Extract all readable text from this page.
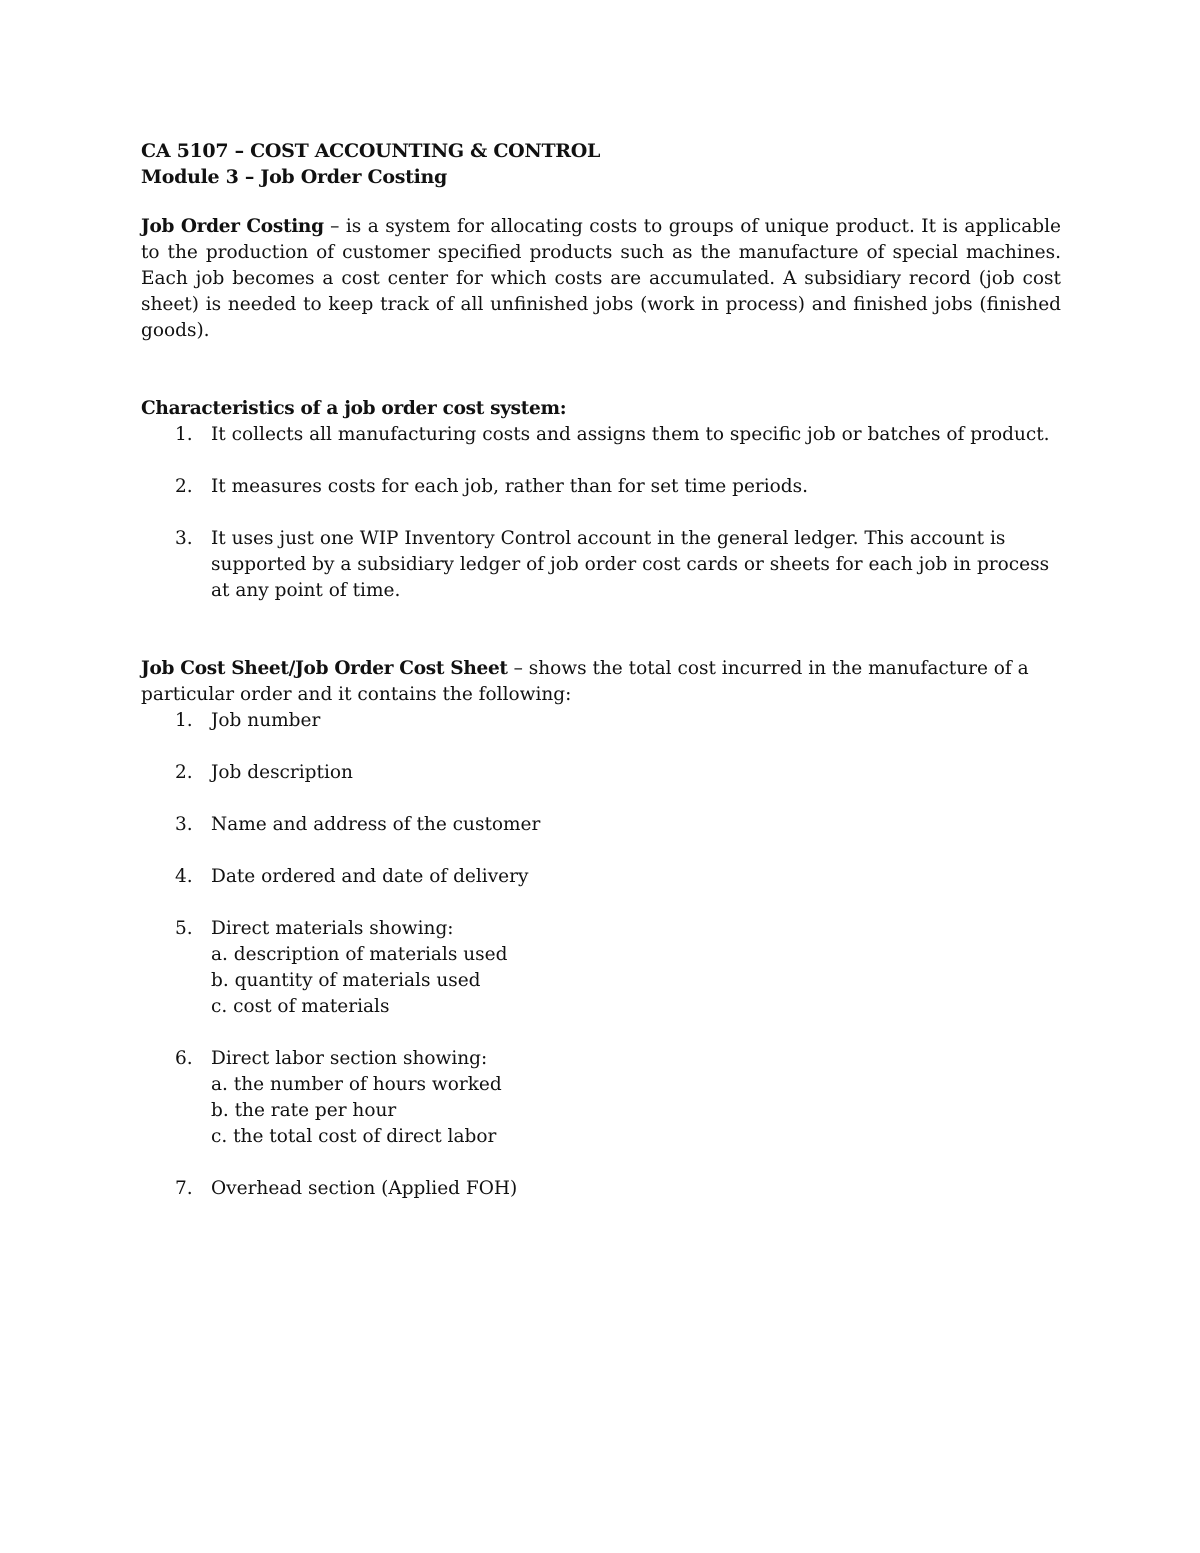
CA 5107 – COST ACCOUNTING & CONTROL
Module 3 – Job Order Costing

Job Order Costing – is a system for allocating costs to groups of unique product. It is applicable to the production of customer specified products such as the manufacture of special machines. Each job becomes a cost center for which costs are accumulated. A subsidiary record (job cost sheet) is needed to keep track of all unfinished jobs (work in process) and finished jobs (finished goods).

Characteristics of a job order cost system:
1. It collects all manufacturing costs and assigns them to specific job or batches of product.
2. It measures costs for each job, rather than for set time periods.
3. It uses just one WIP Inventory Control account in the general ledger. This account is supported by a subsidiary ledger of job order cost cards or sheets for each job in process at any point of time.

Job Cost Sheet/Job Order Cost Sheet – shows the total cost incurred in the manufacture of a particular order and it contains the following:

1. Job number
2. Job description
3. Name and address of the customer
4. Date ordered and date of delivery
5. Direct materials showing:
a. description of materials used
b. quantity of materials used
c. cost of materials
6. Direct labor section showing:
a. the number of hours worked
b. the rate per hour
c. the total cost of direct labor
7. Overhead section (Applied FOH)
